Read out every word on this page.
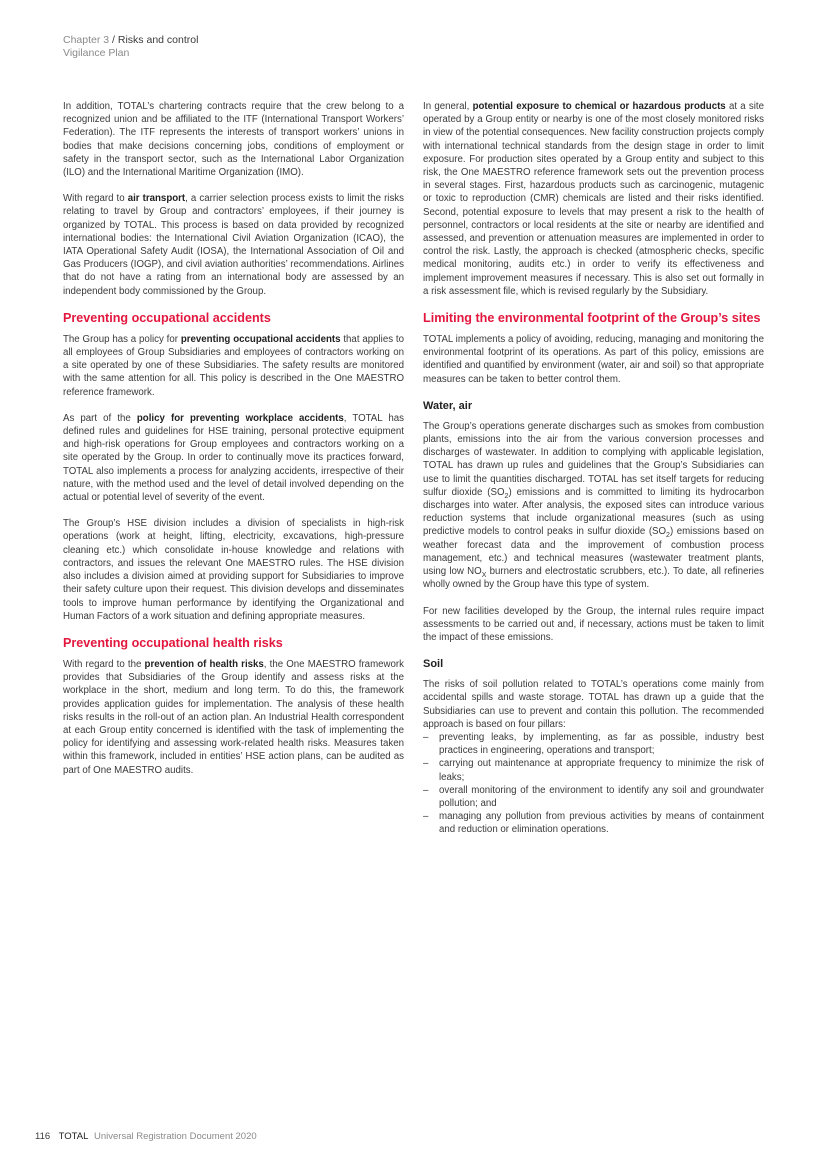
Chapter 3 / Risks and control
Vigilance Plan

In addition, TOTAL’s chartering contracts require that the crew belong to a recognized union and be affiliated to the ITF (International Transport Workers’ Federation). The ITF represents the interests of transport workers’ unions in bodies that make decisions concerning jobs, conditions of employment or safety in the transport sector, such as the International Labor Organization (ILO) and the International Maritime Organization (IMO).

With regard to air transport, a carrier selection process exists to limit the risks relating to travel by Group and contractors’ employees, if their journey is organized by TOTAL. This process is based on data provided by recognized international bodies: the International Civil Aviation Organization (ICAO), the IATA Operational Safety Audit (IOSA), the International Association of Oil and Gas Producers (IOGP), and civil aviation authorities’ recommendations. Airlines that do not have a rating from an international body are assessed by an independent body commissioned by the Group.

Preventing occupational accidents

The Group has a policy for preventing occupational accidents that applies to all employees of Group Subsidiaries and employees of contractors working on a site operated by one of these Subsidiaries. The safety results are monitored with the same attention for all. This policy is described in the One MAESTRO reference framework.

As part of the policy for preventing workplace accidents, TOTAL has defined rules and guidelines for HSE training, personal protective equipment and high-risk operations for Group employees and contractors working on a site operated by the Group. In order to continually move its practices forward, TOTAL also implements a process for analyzing accidents, irrespective of their nature, with the method used and the level of detail involved depending on the actual or potential level of severity of the event.

The Group’s HSE division includes a division of specialists in high-risk operations (work at height, lifting, electricity, excavations, high-pressure cleaning etc.) which consolidate in-house knowledge and relations with contractors, and issues the relevant One MAESTRO rules. The HSE division also includes a division aimed at providing support for Subsidiaries to improve their safety culture upon their request. This division develops and disseminates tools to improve human performance by identifying the Organizational and Human Factors of a work situation and defining appropriate measures.

Preventing occupational health risks

With regard to the prevention of health risks, the One MAESTRO framework provides that Subsidiaries of the Group identify and assess risks at the workplace in the short, medium and long term. To do this, the framework provides application guides for implementation. The analysis of these health risks results in the roll-out of an action plan. An Industrial Health correspondent at each Group entity concerned is identified with the task of implementing the policy for identifying and assessing work-related health risks. Measures taken within this framework, included in entities’ HSE action plans, can be audited as part of One MAESTRO audits.

In general, potential exposure to chemical or hazardous products at a site operated by a Group entity or nearby is one of the most closely monitored risks in view of the potential consequences. New facility construction projects comply with international technical standards from the design stage in order to limit exposure. For production sites operated by a Group entity and subject to this risk, the One MAESTRO reference framework sets out the prevention process in several stages. First, hazardous products such as carcinogenic, mutagenic or toxic to reproduction (CMR) chemicals are listed and their risks identified. Second, potential exposure to levels that may present a risk to the health of personnel, contractors or local residents at the site or nearby are identified and assessed, and prevention or attenuation measures are implemented in order to control the risk. Lastly, the approach is checked (atmospheric checks, specific medical monitoring, audits etc.) in order to verify its effectiveness and implement improvement measures if necessary. This is also set out formally in a risk assessment file, which is revised regularly by the Subsidiary.

Limiting the environmental footprint of the Group’s sites

TOTAL implements a policy of avoiding, reducing, managing and monitoring the environmental footprint of its operations. As part of this policy, emissions are identified and quantified by environment (water, air and soil) so that appropriate measures can be taken to better control them.

Water, air

The Group’s operations generate discharges such as smokes from combustion plants, emissions into the air from the various conversion processes and discharges of wastewater. In addition to complying with applicable legislation, TOTAL has drawn up rules and guidelines that the Group’s Subsidiaries can use to limit the quantities discharged. TOTAL has set itself targets for reducing sulfur dioxide $(SO_2)$ emissions and is committed to limiting its hydrocarbon discharges into water. After analysis, the exposed sites can introduce various reduction systems that include organizational measures (such as using predictive models to control peaks in sulfur dioxide $(SO_2)$ emissions based on weather forecast data and the improvement of combustion process management, etc.) and technical measures (wastewater treatment plants, using low $NO_X$ burners and electrostatic scrubbers, etc.). To date, all refineries wholly owned by the Group have this type of system.

For new facilities developed by the Group, the internal rules require impact assessments to be carried out and, if necessary, actions must be taken to limit the impact of these emissions.

Soil

The risks of soil pollution related to TOTAL’s operations come mainly from accidental spills and waste storage. TOTAL has drawn up a guide that the Subsidiaries can use to prevent and contain this pollution. The recommended approach is based on four pillars:

– preventing leaks, by implementing, as far as possible, industry best practices in engineering, operations and transport;
– carrying out maintenance at appropriate frequency to minimize the risk of leaks;
– overall monitoring of the environment to identify any soil and groundwater pollution; and
– managing any pollution from previous activities by means of containment and reduction or elimination operations.
116 TOTAL Universal Registration Document 2020
